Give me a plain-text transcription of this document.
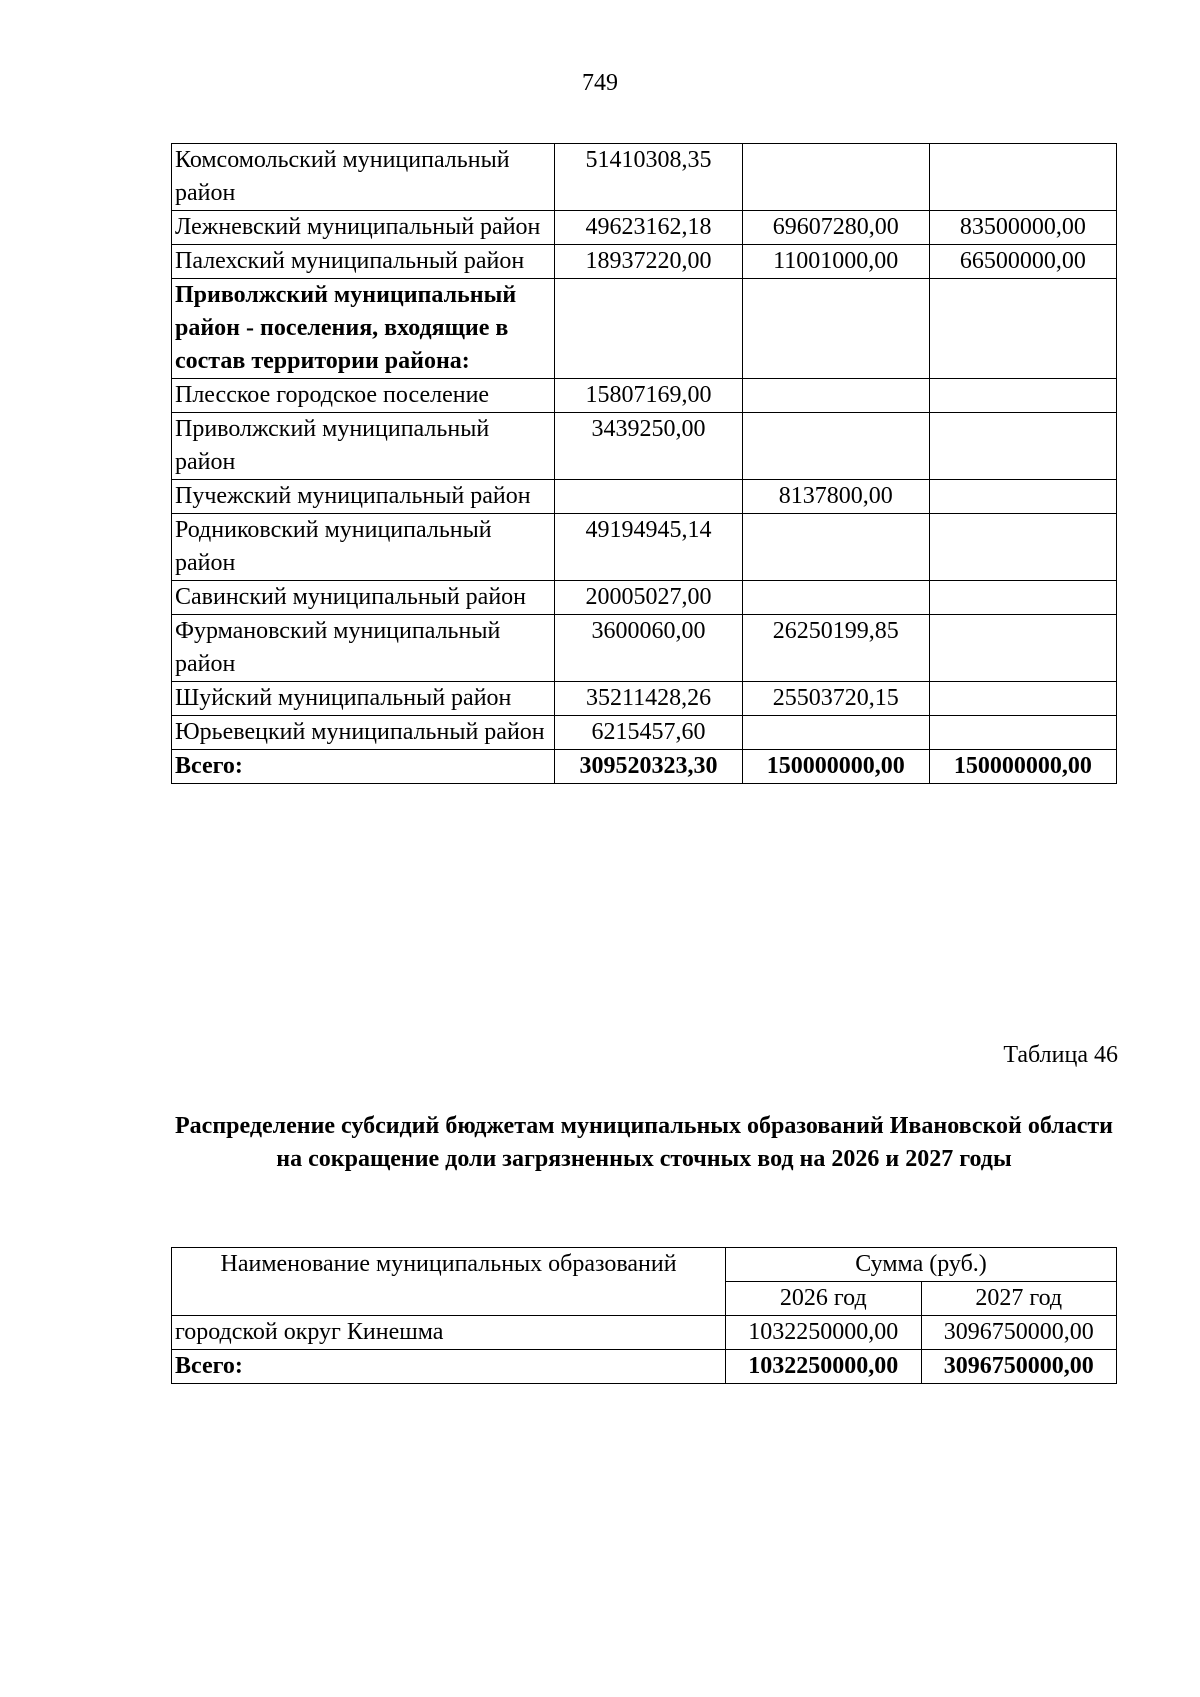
749
Комсомольский муниципальный район	51410308,35		
Лежневский муниципальный район	49623162,18	69607280,00	83500000,00
Палехский муниципальный район	18937220,00	11001000,00	66500000,00
Приволжский муниципальный район - поселения, входящие в состав территории района:			
Плесское городское поселение	15807169,00		
Приволжский муниципальный район	3439250,00		
Пучежский муниципальный район		8137800,00	
Родниковский муниципальный район	49194945,14		
Савинский муниципальный район	20005027,00		
Фурмановский муниципальный район	3600060,00	26250199,85	
Шуйский муниципальный район	35211428,26	25503720,15	
Юрьевецкий муниципальный район	6215457,60		
Всего:	309520323,30	150000000,00	150000000,00
Таблица 46
Распределение субсидий бюджетам муниципальных образований Ивановской области на сокращение доли загрязненных сточных вод на 2026 и 2027 годы
Наименование муниципальных образований	Сумма (руб.)	
	2026 год	2027 год
городской округ Кинешма	1032250000,00	3096750000,00
Всего:	1032250000,00	3096750000,00
